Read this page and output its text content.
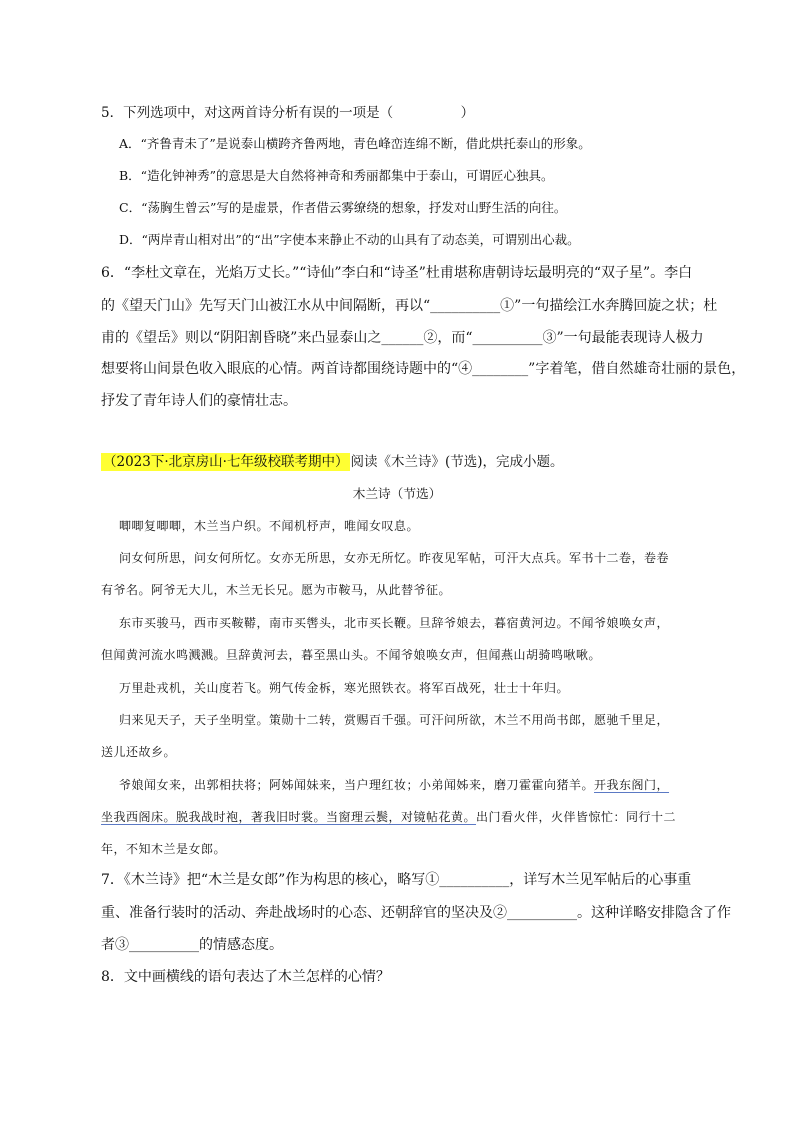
5．下列选项中，对这两首诗分析有误的一项是（　　　　　）
A．“齐鲁青未了”是说泰山横跨齐鲁两地，青色峰峦连绵不断，借此烘托泰山的形象。
B．“造化钟神秀”的意思是大自然将神奇和秀丽都集中于泰山，可谓匠心独具。
C．“荡胸生曾云”写的是虚景，作者借云雾缭绕的想象，抒发对山野生活的向往。
D．“两岸青山相对出”的“出”字使本来静止不动的山具有了动态美，可谓别出心裁。
6．“李杜文章在，光焰万丈长。”“诗仙”李白和“诗圣”杜甫堪称唐朝诗坛最明亮的“双子星”。李白
的《望天门山》先写天门山被江水从中间隔断，再以“__________①”一句描绘江水奔腾回旋之状；杜
甫的《望岳》则以“阴阳割昏晓”来凸显泰山之______②，而“__________③”一句最能表现诗人极力
想要将山间景色收入眼底的心情。两首诗都围绕诗题中的“④________”字着笔，借自然雄奇壮丽的景色，
抒发了青年诗人们的豪情壮志。
（2023下·北京房山·七年级校联考期中） 阅读《木兰诗》(节选)，完成小题。
木兰诗（节选）
唧唧复唧唧，木兰当户织。不闻机杼声，唯闻女叹息。
问女何所思，问女何所忆。女亦无所思，女亦无所忆。昨夜见军帖，可汗大点兵。军书十二卷，卷卷
有爷名。阿爷无大儿，木兰无长兄。愿为市鞍马，从此替爷征。
东市买骏马，西市买鞍鞯，南市买辔头，北市买长鞭。旦辞爷娘去，暮宿黄河边。不闻爷娘唤女声，
但闻黄河流水鸣溅溅。旦辞黄河去，暮至黑山头。不闻爷娘唤女声，但闻燕山胡骑鸣啾啾。
万里赴戎机，关山度若飞。朔气传金柝，寒光照铁衣。将军百战死，壮士十年归。
归来见天子，天子坐明堂。策勋十二转，赏赐百千强。可汗问所欲，木兰不用尚书郎，愿驰千里足，
送儿还故乡。
爷娘闻女来，出郭相扶将；阿姊闻妹来，当户理红妆；小弟闻姊来，磨刀霍霍向猪羊。开我东阁门，
坐我西阁床。脱我战时袍，著我旧时裳。当窗理云鬓，对镜帖花黄。出门看火伴，火伴皆惊忙：同行十二
年，不知木兰是女郎。
7．《木兰诗》把“木兰是女郎”作为构思的核心，略写①__________，详写木兰见军帖后的心事重
重、准备行装时的活动、奔赴战场时的心态、还朝辞官的坚决及②__________。这种详略安排隐含了作
者③__________的情感态度。
8．文中画横线的语句表达了木兰怎样的心情？
